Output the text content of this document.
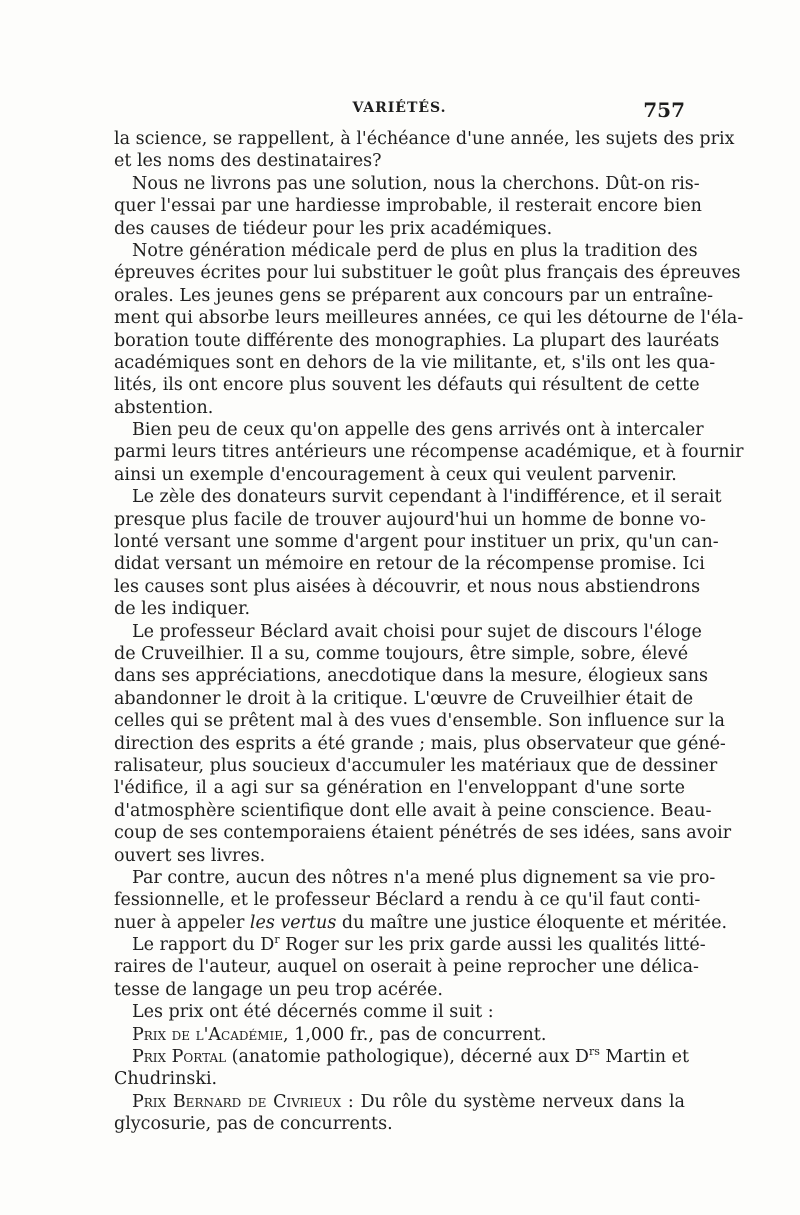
VARIÉTÉS.	757
la science, se rappellent, à l'échéance d'une année, les sujets des prix
et les noms des destinataires?
Nous ne livrons pas une solution, nous la cherchons. Dût-on ris-
quer l'essai par une hardiesse improbable, il resterait encore bien
des causes de tiédeur pour les prix académiques.
Notre génération médicale perd de plus en plus la tradition des
épreuves écrites pour lui substituer le goût plus français des épreuves
orales. Les jeunes gens se préparent aux concours par un entraîne-
ment qui absorbe leurs meilleures années, ce qui les détourne de l'éla-
boration toute différente des monographies. La plupart des lauréats
académiques sont en dehors de la vie militante, et, s'ils ont les qua-
lités, ils ont encore plus souvent les défauts qui résultent de cette
abstention.
Bien peu de ceux qu'on appelle des gens arrivés ont à intercaler
parmi leurs titres antérieurs une récompense académique, et à fournir
ainsi un exemple d'encouragement à ceux qui veulent parvenir.
Le zèle des donateurs survit cependant à l'indifférence, et il serait
presque plus facile de trouver aujourd'hui un homme de bonne vo-
lonté versant une somme d'argent pour instituer un prix, qu'un can-
didat versant un mémoire en retour de la récompense promise. Ici
les causes sont plus aisées à découvrir, et nous nous abstiendrons
de les indiquer.
Le professeur Béclard avait choisi pour sujet de discours l'éloge
de Cruveilhier. Il a su, comme toujours, être simple, sobre, élevé
dans ses appréciations, anecdotique dans la mesure, élogieux sans
abandonner le droit à la critique. L'œuvre de Cruveilhier était de
celles qui se prêtent mal à des vues d'ensemble. Son influence sur la
direction des esprits a été grande ; mais, plus observateur que géné-
ralisateur, plus soucieux d'accumuler les matériaux que de dessiner
l'édifice, il a agi sur sa génération en l'enveloppant d'une sorte
d'atmosphère scientifique dont elle avait à peine conscience. Beau-
coup de ses contemporaiens étaient pénétrés de ses idées, sans avoir
ouvert ses livres.
Par contre, aucun des nôtres n'a mené plus dignement sa vie pro-
fessionnelle, et le professeur Béclard a rendu à ce qu'il faut conti-
nuer à appeler les vertus du maître une justice éloquente et méritée.
Le rapport du $D^r$ Roger sur les prix garde aussi les qualités litté-
raires de l'auteur, auquel on oserait à peine reprocher une délica-
tesse de langage un peu trop acérée.
Les prix ont été décernés comme il suit :
Prix de l'Académie, 1,000 fr., pas de concurrent.
Prix Portal (anatomie pathologique), décerné aux $D^{rs}$ Martin et
Chudrinski.
Prix Bernard de Civrieux : Du rôle du système nerveux dans la
glycosurie, pas de concurrents.
